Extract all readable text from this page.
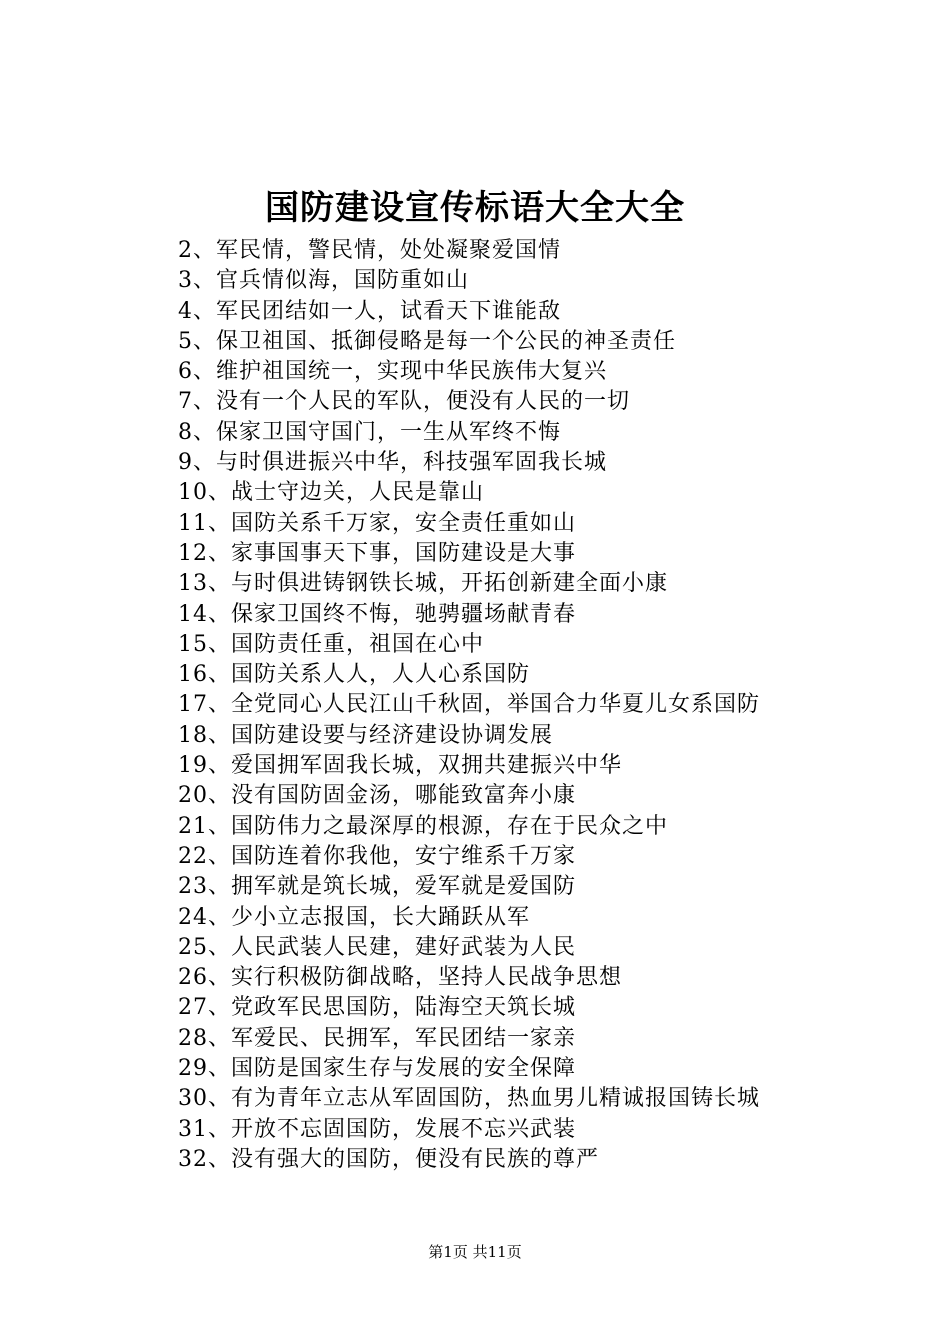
国防建设宣传标语大全大全
2、军民情，警民情，处处凝聚爱国情
3、官兵情似海，国防重如山
4、军民团结如一人，试看天下谁能敌
5、保卫祖国、抵御侵略是每一个公民的神圣责任
6、维护祖国统一，实现中华民族伟大复兴
7、没有一个人民的军队，便没有人民的一切
8、保家卫国守国门，一生从军终不悔
9、与时俱进振兴中华，科技强军固我长城
10、战士守边关，人民是靠山
11、国防关系千万家，安全责任重如山
12、家事国事天下事，国防建设是大事
13、与时俱进铸钢铁长城，开拓创新建全面小康
14、保家卫国终不悔，驰骋疆场献青春
15、国防责任重，祖国在心中
16、国防关系人人，人人心系国防
17、全党同心人民江山千秋固，举国合力华夏儿女系国防
18、国防建设要与经济建设协调发展
19、爱国拥军固我长城，双拥共建振兴中华
20、没有国防固金汤，哪能致富奔小康
21、国防伟力之最深厚的根源，存在于民众之中
22、国防连着你我他，安宁维系千万家
23、拥军就是筑长城，爱军就是爱国防
24、少小立志报国，长大踊跃从军
25、人民武装人民建，建好武装为人民
26、实行积极防御战略，坚持人民战争思想
27、党政军民思国防，陆海空天筑长城
28、军爱民、民拥军，军民团结一家亲
29、国防是国家生存与发展的安全保障
30、有为青年立志从军固国防，热血男儿精诚报国铸长城
31、开放不忘固国防，发展不忘兴武装
32、没有强大的国防，便没有民族的尊严
第1页 共11页
